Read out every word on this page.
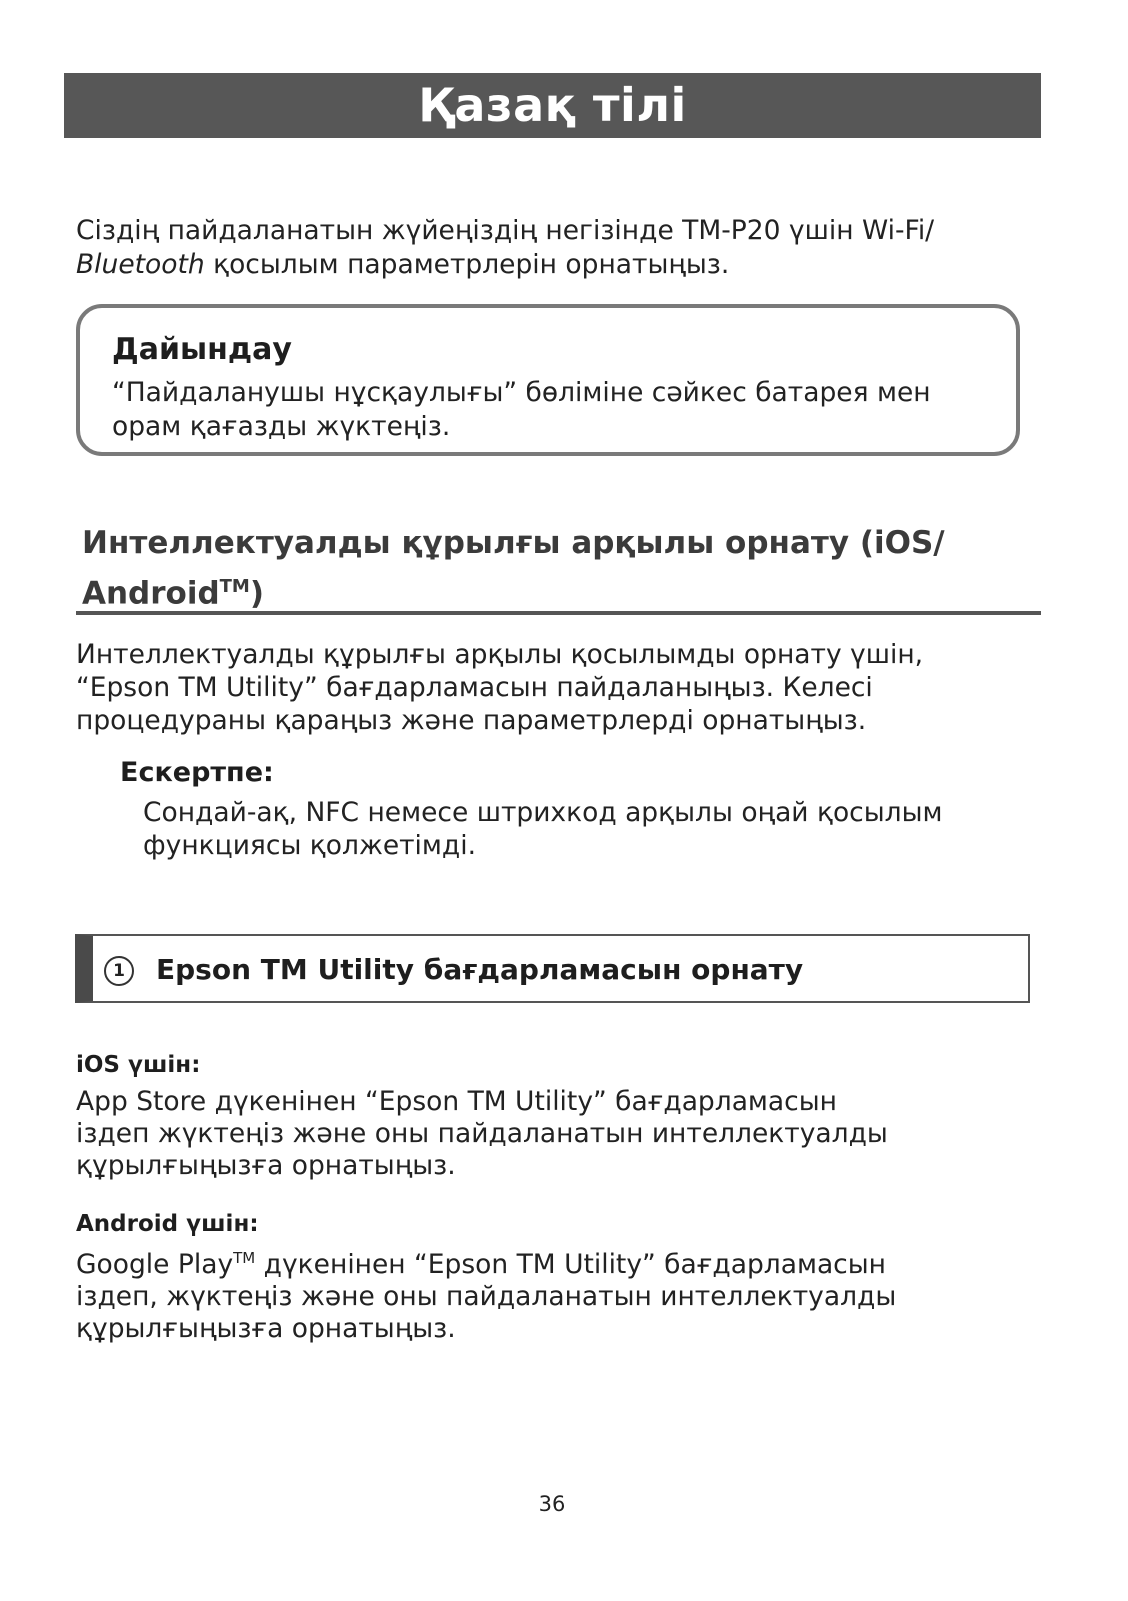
Қазақ тілі
Сіздің пайдаланатын жүйеңіздің негізінде TM-P20 үшін Wi-Fi/
Bluetooth қосылым параметрлерін орнатыңыз.
Дайындау
“Пайдаланушы нұсқаулығы” бөліміне сәйкес батарея мен
орам қағазды жүктеңіз.
Интеллектуалды құрылғы арқылы орнату (iOS/
Android™)
Интеллектуалды құрылғы арқылы қосылымды орнату үшін,
“Epson TM Utility” бағдарламасын пайдаланыңыз. Келесі
процедураны қараңыз және параметрлерді орнатыңыз.
Ескертпе:
Сондай-ақ, NFC немесе штрихкод арқылы оңай қосылым
функциясы қолжетімді.
1	Epson TM Utility бағдарламасын орнату
iOS үшін:
App Store дүкенінен “Epson TM Utility” бағдарламасын
іздеп жүктеңіз және оны пайдаланатын интеллектуалды
құрылғыңызға орнатыңыз.
Android үшін:
Google Play™ дүкенінен “Epson TM Utility” бағдарламасын
іздеп, жүктеңіз және оны пайдаланатын интеллектуалды
құрылғыңызға орнатыңыз.
36
